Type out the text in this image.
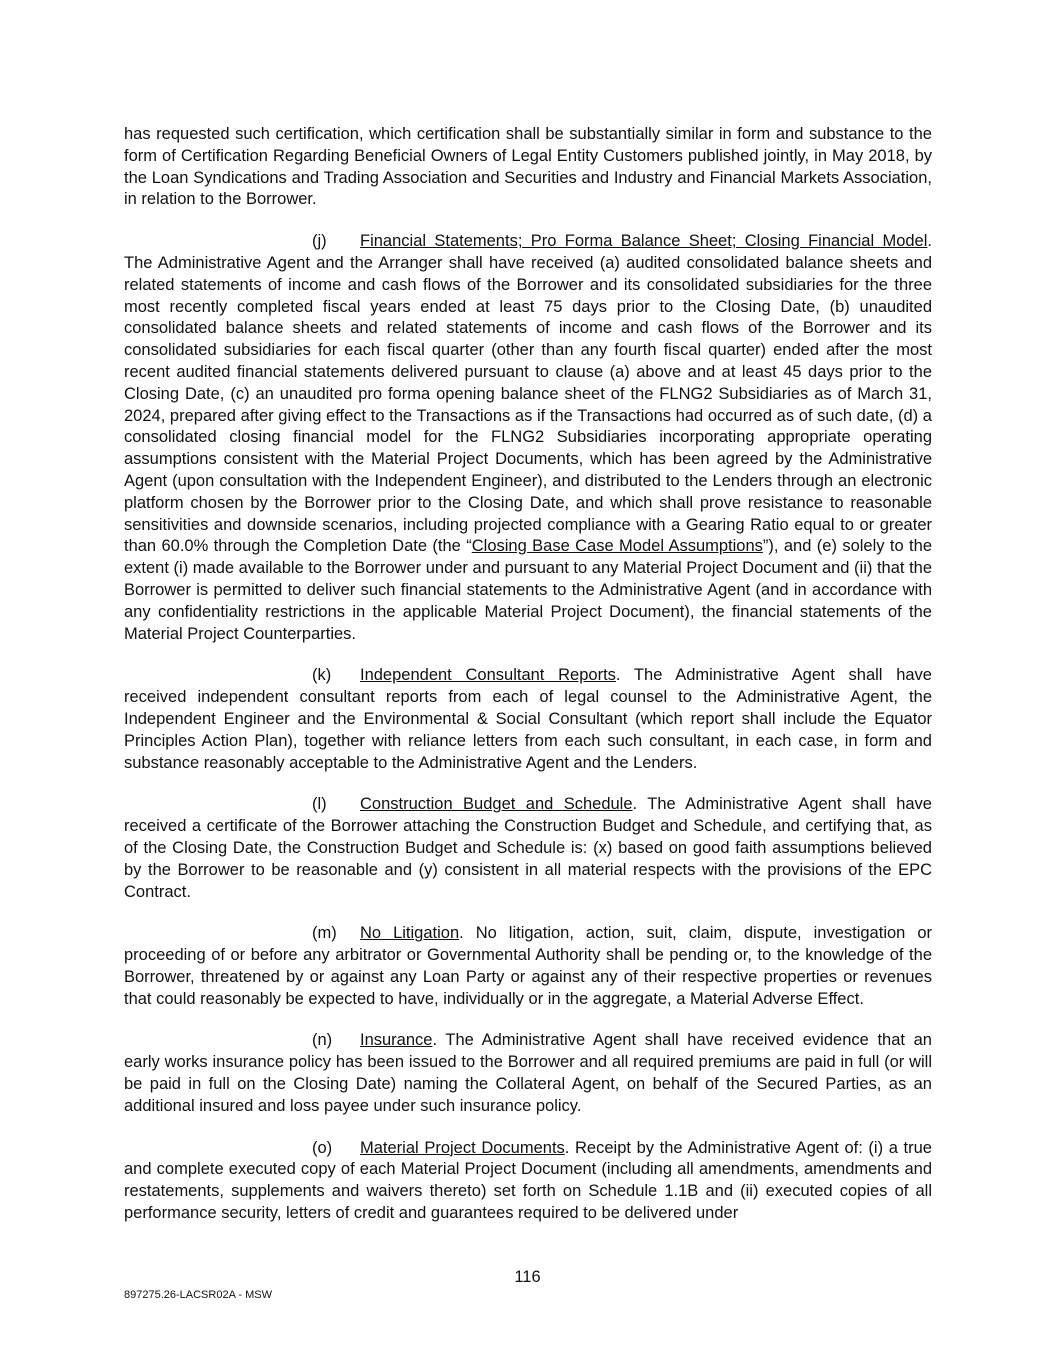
has requested such certification, which certification shall be substantially similar in form and substance to the form of Certification Regarding Beneficial Owners of Legal Entity Customers published jointly, in May 2018, by the Loan Syndications and Trading Association and Securities and Industry and Financial Markets Association, in relation to the Borrower.

(j) Financial Statements; Pro Forma Balance Sheet; Closing Financial Model. The Administrative Agent and the Arranger shall have received (a) audited consolidated balance sheets and related statements of income and cash flows of the Borrower and its consolidated subsidiaries for the three most recently completed fiscal years ended at least 75 days prior to the Closing Date, (b) unaudited consolidated balance sheets and related statements of income and cash flows of the Borrower and its consolidated subsidiaries for each fiscal quarter (other than any fourth fiscal quarter) ended after the most recent audited financial statements delivered pursuant to clause (a) above and at least 45 days prior to the Closing Date, (c) an unaudited pro forma opening balance sheet of the FLNG2 Subsidiaries as of March 31, 2024, prepared after giving effect to the Transactions as if the Transactions had occurred as of such date, (d) a consolidated closing financial model for the FLNG2 Subsidiaries incorporating appropriate operating assumptions consistent with the Material Project Documents, which has been agreed by the Administrative Agent (upon consultation with the Independent Engineer), and distributed to the Lenders through an electronic platform chosen by the Borrower prior to the Closing Date, and which shall prove resistance to reasonable sensitivities and downside scenarios, including projected compliance with a Gearing Ratio equal to or greater than 60.0% through the Completion Date (the “Closing Base Case Model Assumptions”), and (e) solely to the extent (i) made available to the Borrower under and pursuant to any Material Project Document and (ii) that the Borrower is permitted to deliver such financial statements to the Administrative Agent (and in accordance with any confidentiality restrictions in the applicable Material Project Document), the financial statements of the Material Project Counterparties.

(k) Independent Consultant Reports. The Administrative Agent shall have received independent consultant reports from each of legal counsel to the Administrative Agent, the Independent Engineer and the Environmental & Social Consultant (which report shall include the Equator Principles Action Plan), together with reliance letters from each such consultant, in each case, in form and substance reasonably acceptable to the Administrative Agent and the Lenders.

(l) Construction Budget and Schedule. The Administrative Agent shall have received a certificate of the Borrower attaching the Construction Budget and Schedule, and certifying that, as of the Closing Date, the Construction Budget and Schedule is: (x) based on good faith assumptions believed by the Borrower to be reasonable and (y) consistent in all material respects with the provisions of the EPC Contract.

(m) No Litigation. No litigation, action, suit, claim, dispute, investigation or proceeding of or before any arbitrator or Governmental Authority shall be pending or, to the knowledge of the Borrower, threatened by or against any Loan Party or against any of their respective properties or revenues that could reasonably be expected to have, individually or in the aggregate, a Material Adverse Effect.

(n) Insurance. The Administrative Agent shall have received evidence that an early works insurance policy has been issued to the Borrower and all required premiums are paid in full (or will be paid in full on the Closing Date) naming the Collateral Agent, on behalf of the Secured Parties, as an additional insured and loss payee under such insurance policy.

(o) Material Project Documents. Receipt by the Administrative Agent of: (i) a true and complete executed copy of each Material Project Document (including all amendments, amendments and restatements, supplements and waivers thereto) set forth on Schedule 1.1B and (ii) executed copies of all performance security, letters of credit and guarantees required to be delivered under

116
897275.26-LACSR02A - MSW
